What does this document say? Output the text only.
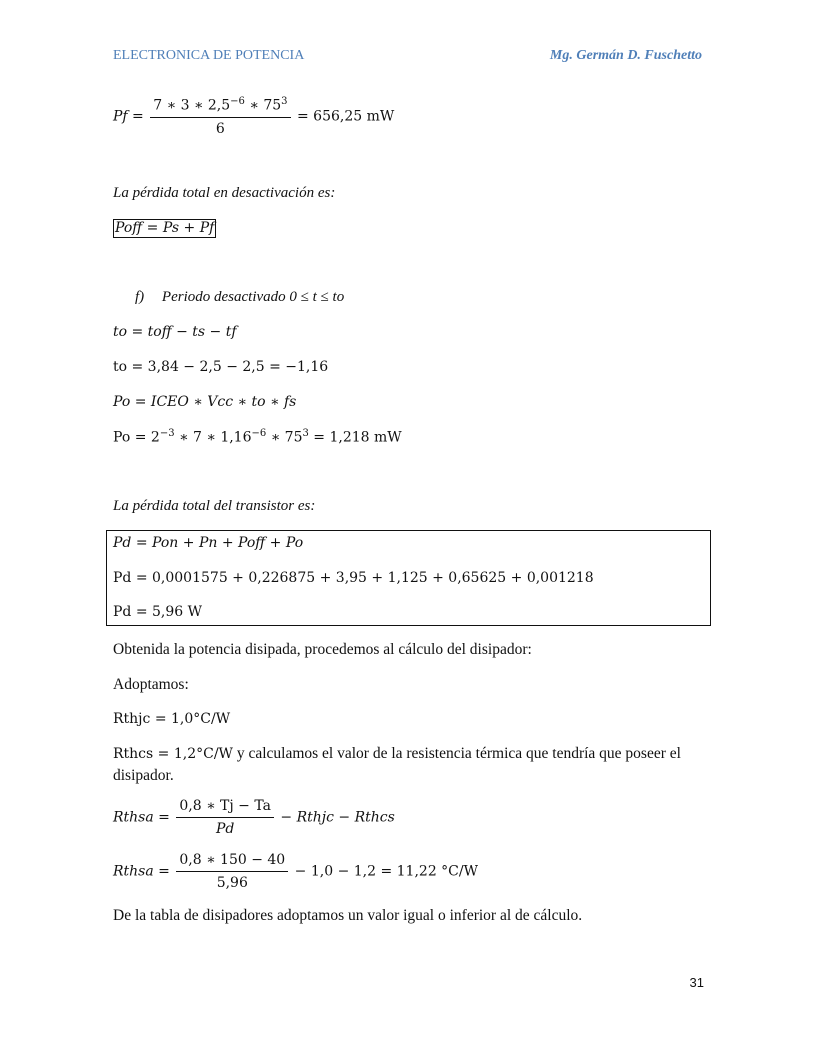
ELECTRONICA DE POTENCIA	Mg. Germán D. Fuschetto
$Pf = \frac{7 ∗ 3 ∗ 2,5^{-6} ∗ 75^3}{6} = 656,25$ mW
La pérdida total en desactivación es:
Poff = Ps + Pf
f) Periodo desactivado 0 ≤ t ≤ to
to = toff − ts − tf
to = 3,84 − 2,5 − 2,5 = −1,16
Po = ICEO ∗ Vcc ∗ to ∗ fs
$Po = 2^{-3}$ ∗ 7 ∗ $1,16^{-6}$ ∗ $75^3 = 1,218$ mW
La pérdida total del transistor es:
Pd = Pon + Pn + Poff + Po
Pd = 0,0001575 + 0,226875 + 3,95 + 1,125 + 0,65625 + 0,001218
Pd = 5,96 W
Obtenida la potencia disipada, procedemos al cálculo del disipador:
Adoptamos:
Rthjc = 1,0°C/W
Rthcs = 1,2°C/W y calculamos el valor de la resistencia térmica que tendría que poseer el
disipador.
Rthsa = $\frac{0,8 ∗ Tj - Ta}{Pd}$ − Rthjc − Rthcs
Rthsa = $\frac{0,8 ∗ 150 - 40}{5,96} - 1,0 - 1,2 = 11,22$ °C/W
De la tabla de disipadores adoptamos un valor igual o inferior al de cálculo.
31
